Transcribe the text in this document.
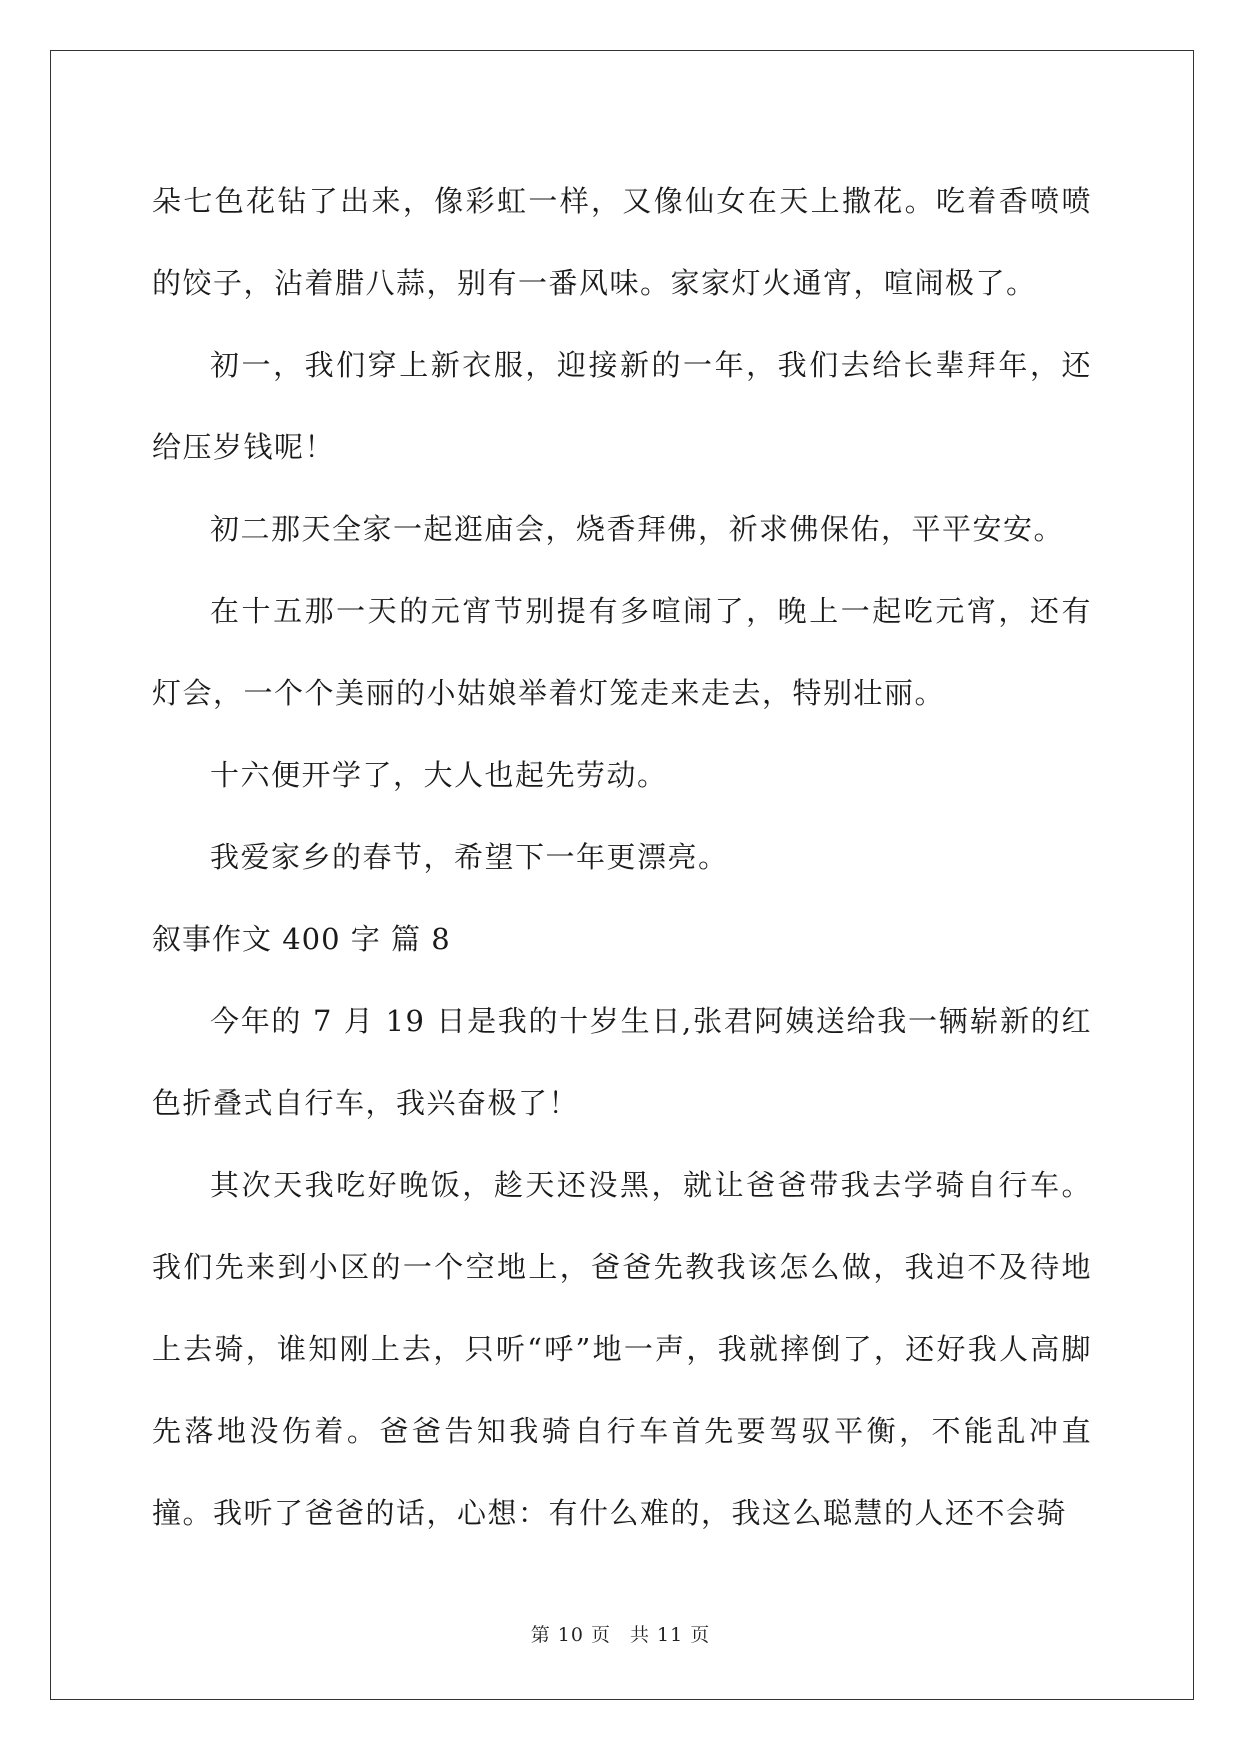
朵七色花钻了出来，像彩虹一样，又像仙女在天上撒花。吃着香喷喷的饺子，沾着腊八蒜，别有一番风味。家家灯火通宵，喧闹极了。

初一，我们穿上新衣服，迎接新的一年，我们去给长辈拜年，还给压岁钱呢！

初二那天全家一起逛庙会，烧香拜佛，祈求佛保佑，平平安安。

在十五那一天的元宵节别提有多喧闹了，晚上一起吃元宵，还有灯会，一个个美丽的小姑娘举着灯笼走来走去，特别壮丽。

十六便开学了，大人也起先劳动。

我爱家乡的春节，希望下一年更漂亮。

叙事作文 400 字 篇 8

今年的 7 月 19 日是我的十岁生日,张君阿姨送给我一辆崭新的红色折叠式自行车，我兴奋极了！

其次天我吃好晚饭，趁天还没黑，就让爸爸带我去学骑自行车。我们先来到小区的一个空地上，爸爸先教我该怎么做，我迫不及待地上去骑，谁知刚上去，只听“呼”地一声，我就摔倒了，还好我人高脚先落地没伤着。爸爸告知我骑自行车首先要驾驭平衡，不能乱冲直撞。我听了爸爸的话，心想：有什么难的，我这么聪慧的人还不会骑

第 10 页 共 11 页
